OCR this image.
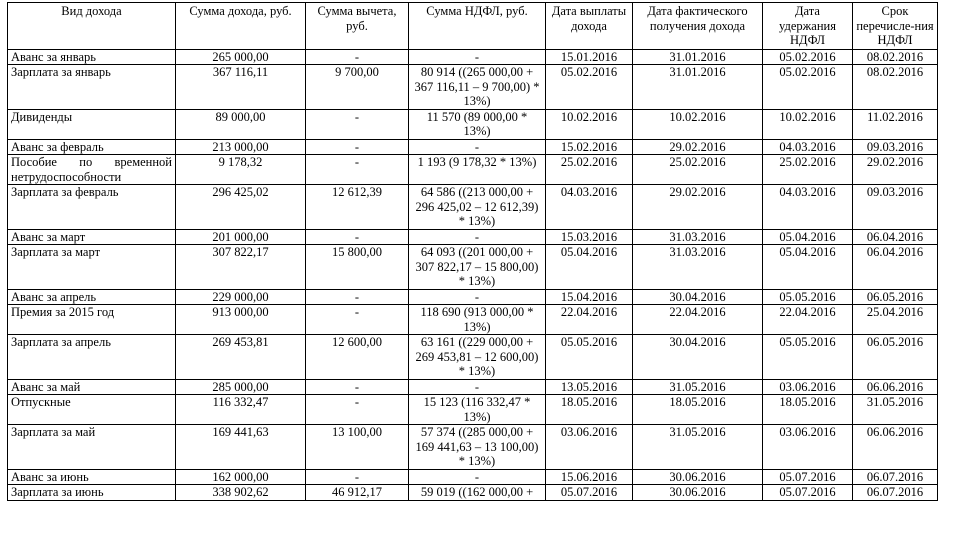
Вид дохода	Сумма дохода, руб.	Сумма вычета, руб.	Сумма НДФЛ, руб.	Дата выплаты дохода	Дата фактического получения дохода	Дата удержания НДФЛ	Срок перечисле-ния НДФЛ
Аванс за январь	265 000,00	-	-	15.01.2016	31.01.2016	05.02.2016	08.02.2016
Зарплата за январь	367 116,11	9 700,00	80 914 ((265 000,00 + 367 116,11 – 9 700,00) * 13%)	05.02.2016	31.01.2016	05.02.2016	08.02.2016
Дивиденды	89 000,00	-	11 570 (89 000,00 * 13%)	10.02.2016	10.02.2016	10.02.2016	11.02.2016
Аванс за февраль	213 000,00	-	-	15.02.2016	29.02.2016	04.03.2016	09.03.2016
Пособие по временной нетрудоспособности	9 178,32	-	1 193 (9 178,32 * 13%)	25.02.2016	25.02.2016	25.02.2016	29.02.2016
Зарплата за февраль	296 425,02	12 612,39	64 586 ((213 000,00 + 296 425,02 – 12 612,39) * 13%)	04.03.2016	29.02.2016	04.03.2016	09.03.2016
Аванс за март	201 000,00	-	-	15.03.2016	31.03.2016	05.04.2016	06.04.2016
Зарплата за март	307 822,17	15 800,00	64 093 ((201 000,00 + 307 822,17 – 15 800,00) * 13%)	05.04.2016	31.03.2016	05.04.2016	06.04.2016
Аванс за апрель	229 000,00	-	-	15.04.2016	30.04.2016	05.05.2016	06.05.2016
Премия за 2015 год	913 000,00	-	118 690 (913 000,00 * 13%)	22.04.2016	22.04.2016	22.04.2016	25.04.2016
Зарплата за апрель	269 453,81	12 600,00	63 161 ((229 000,00 + 269 453,81 – 12 600,00) * 13%)	05.05.2016	30.04.2016	05.05.2016	06.05.2016
Аванс за май	285 000,00	-	-	13.05.2016	31.05.2016	03.06.2016	06.06.2016
Отпускные	116 332,47	-	15 123 (116 332,47 * 13%)	18.05.2016	18.05.2016	18.05.2016	31.05.2016
Зарплата за май	169 441,63	13 100,00	57 374 ((285 000,00 + 169 441,63 – 13 100,00) * 13%)	03.06.2016	31.05.2016	03.06.2016	06.06.2016
Аванс за июнь	162 000,00	-	-	15.06.2016	30.06.2016	05.07.2016	06.07.2016
Зарплата за июнь	338 902,62	46 912,17	59 019 ((162 000,00 +	05.07.2016	30.06.2016	05.07.2016	06.07.2016
